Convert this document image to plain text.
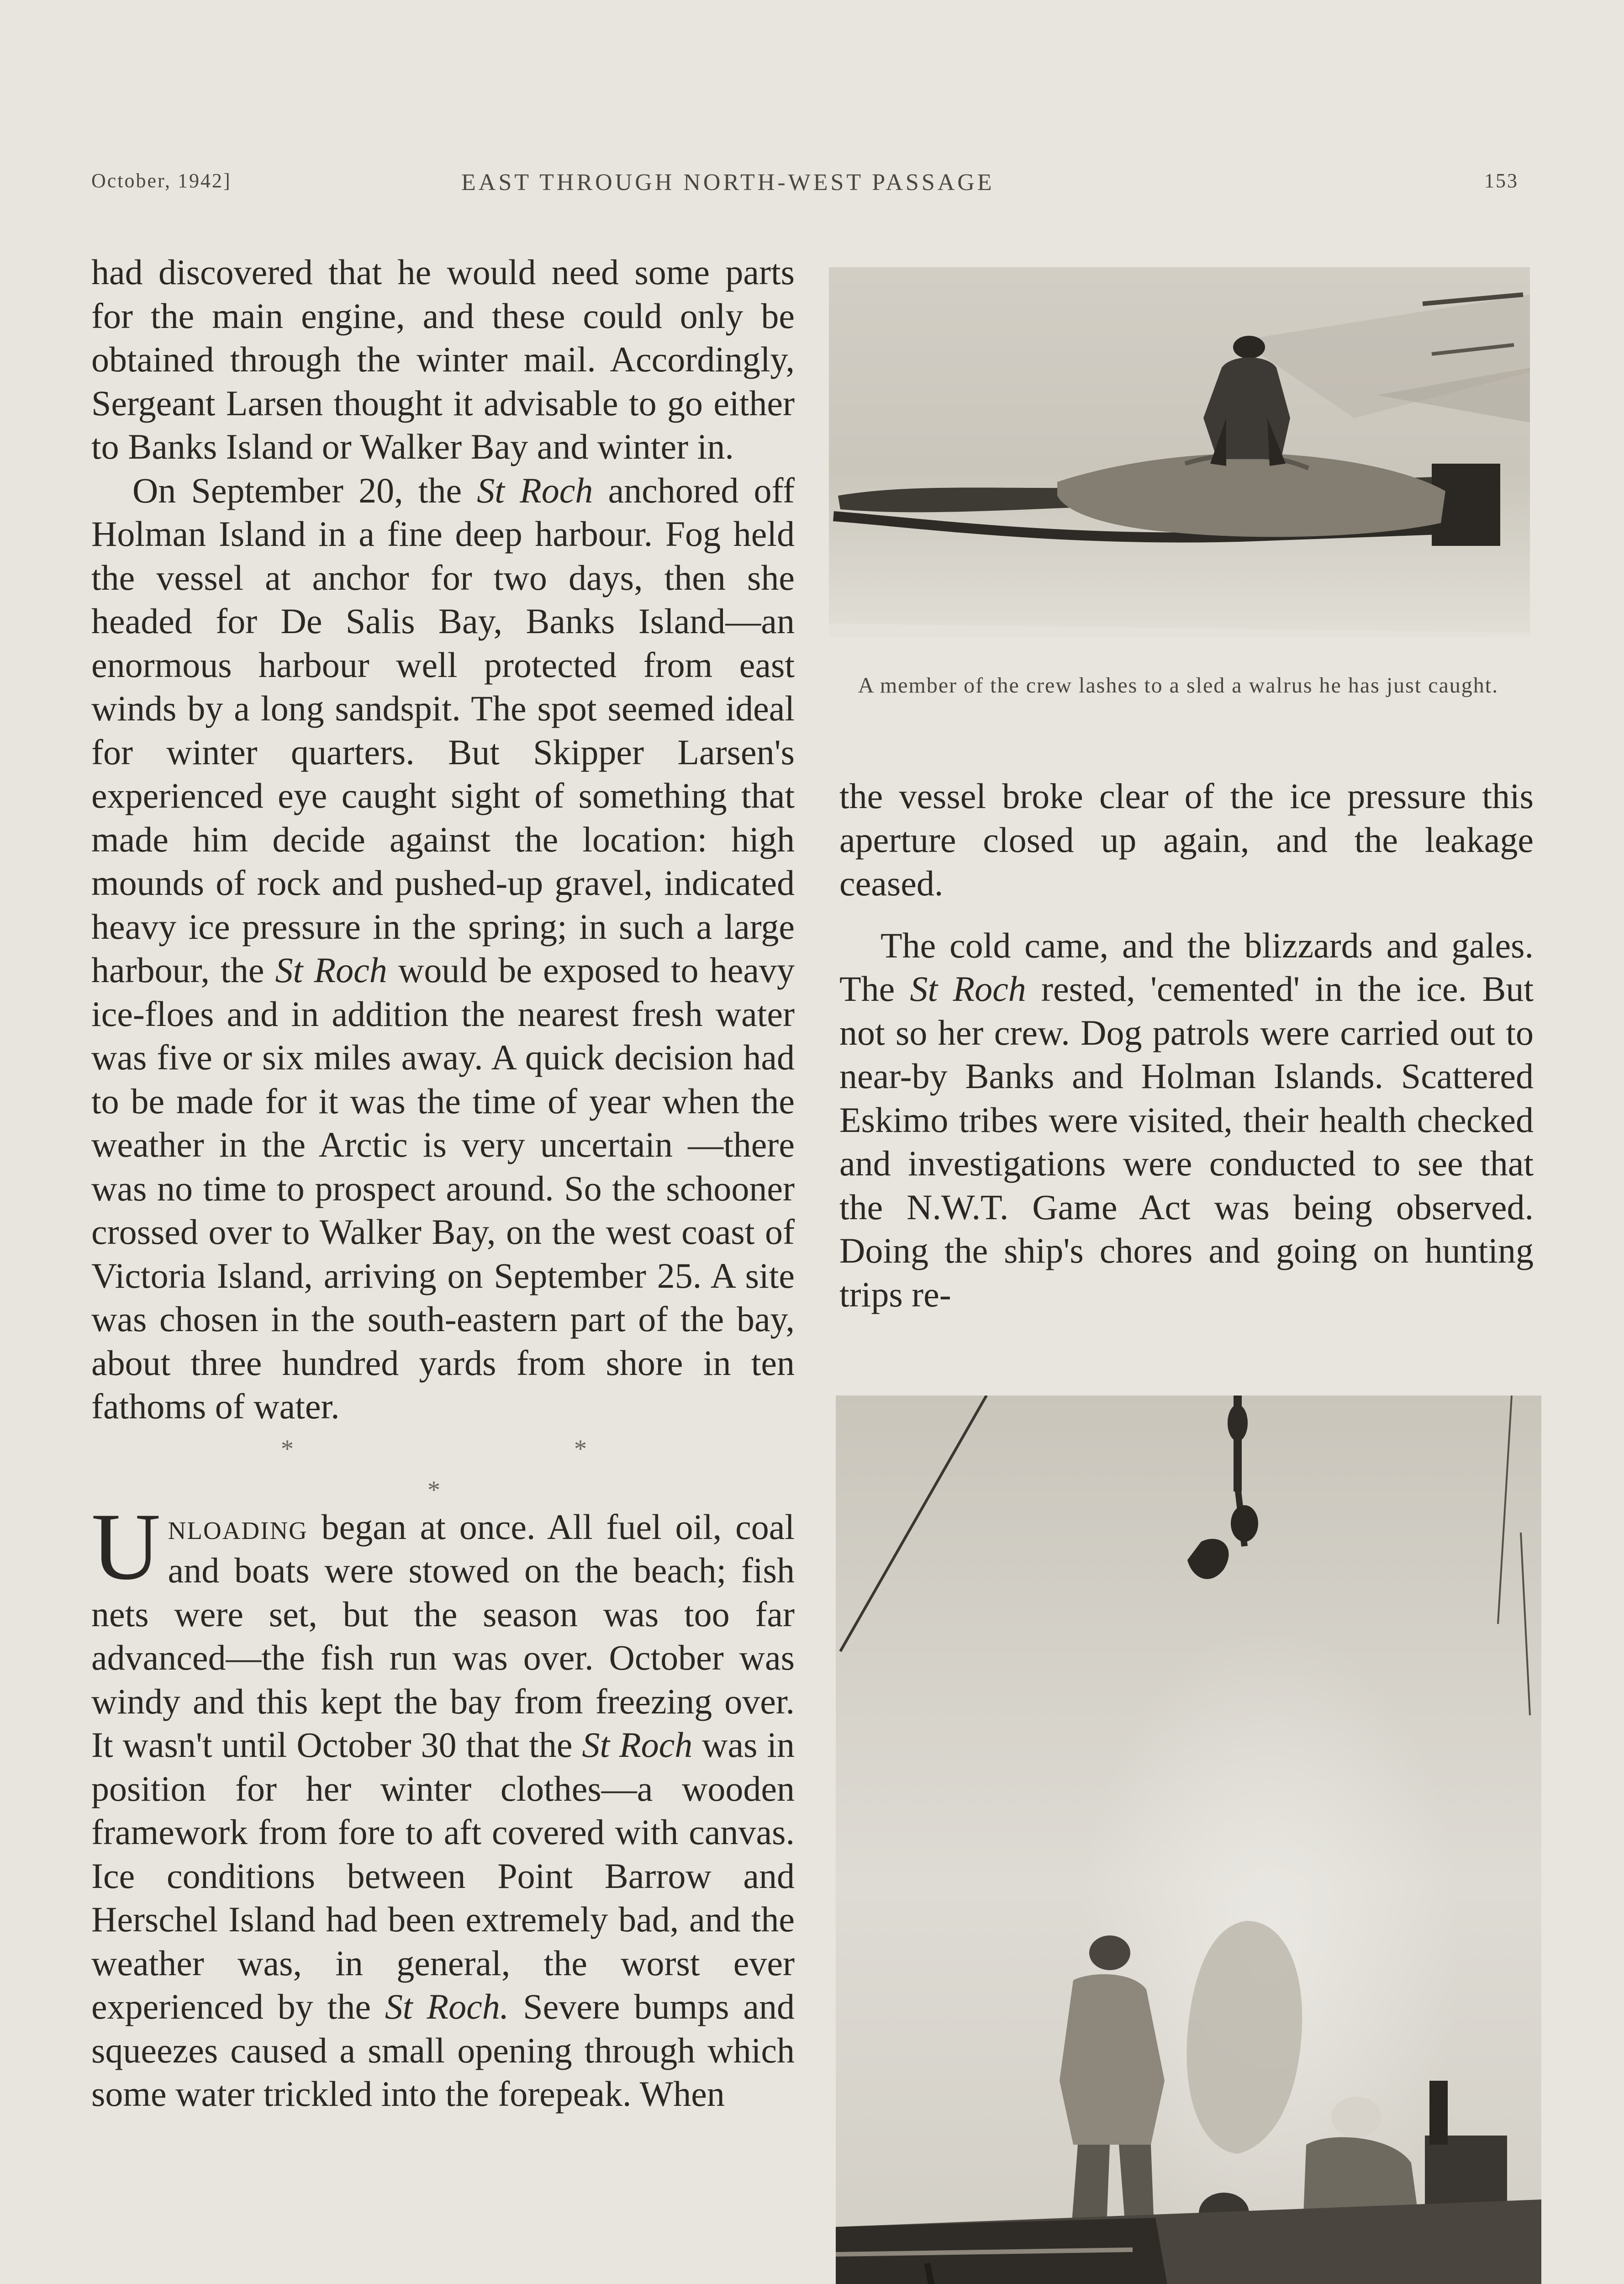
October, 1942]	EAST THROUGH NORTH-WEST PASSAGE	153

had discovered that he would need some parts for the main engine, and these could only be obtained through the winter mail. Accordingly, Sergeant Larsen thought it advisable to go either to Banks Island or Walker Bay and winter in.

On September 20, the St Roch anchored off Holman Island in a fine deep harbour. Fog held the vessel at anchor for two days, then she headed for De Salis Bay, Banks Island—an enormous harbour well protected from east winds by a long sandspit. The spot seemed ideal for winter quarters. But Skipper Larsen's experienced eye caught sight of something that made him decide against the location: high mounds of rock and pushed-up gravel, indicated heavy ice pressure in the spring; in such a large harbour, the St Roch would be exposed to heavy ice-floes and in addition the nearest fresh water was five or six miles away. A quick decision had to be made for it was the time of year when the weather in the Arctic is very uncertain —there was no time to prospect around. So the schooner crossed over to Walker Bay, on the west coast of Victoria Island, arriving on September 25. A site was chosen in the south-eastern part of the bay, about three hundred yards from shore in ten fathoms of water.

* * *

Unloading began at once. All fuel oil, coal and boats were stowed on the beach; fish nets were set, but the season was too far advanced—the fish run was over. October was windy and this kept the bay from freezing over. It wasn't until October 30 that the St Roch was in position for her winter clothes—a wooden framework from fore to aft covered with canvas. Ice conditions between Point Barrow and Herschel Island had been extremely bad, and the weather was, in general, the worst ever experienced by the St Roch. Severe bumps and squeezes caused a small opening through which some water trickled into the forepeak. When

A member of the crew lashes to a sled a walrus he has just caught.

the vessel broke clear of the ice pressure this aperture closed up again, and the leakage ceased.

The cold came, and the blizzards and gales. The St Roch rested, 'cemented' in the ice. But not so her crew. Dog patrols were carried out to near-by Banks and Holman Islands. Scattered Eskimo tribes were visited, their health checked and investigations were conducted to see that the N.W.T. Game Act was being observed. Doing the ship's chores and going on hunting trips re-
